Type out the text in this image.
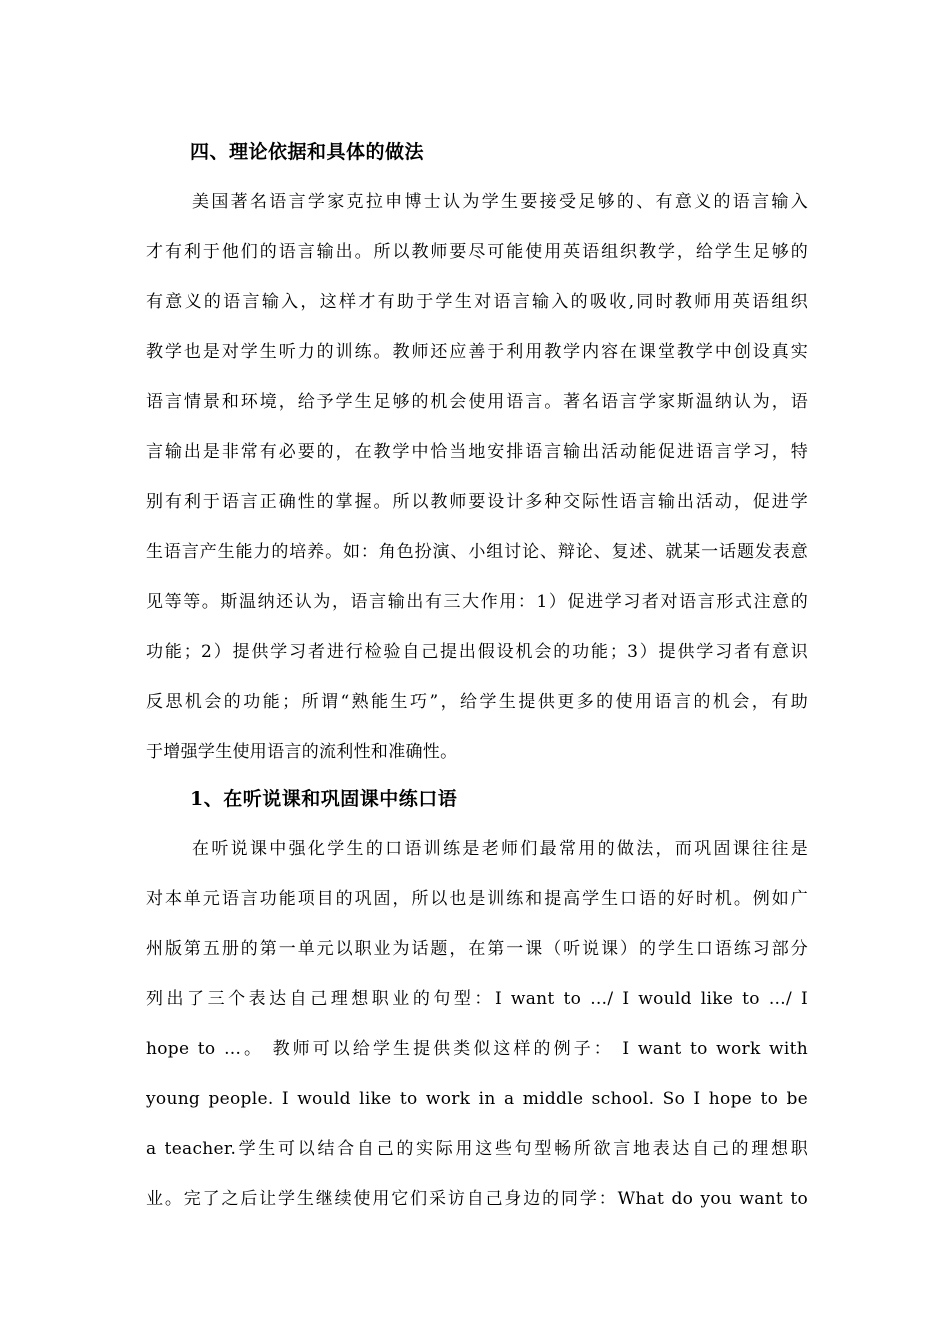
四、理论依据和具体的做法
美国著名语言学家克拉申博士认为学生要接受足够的、有意义的语言输入
才有利于他们的语言输出。所以教师要尽可能使用英语组织教学，给学生足够的
有意义的语言输入，这样才有助于学生对语言输入的吸收,同时教师用英语组织
教学也是对学生听力的训练。教师还应善于利用教学内容在课堂教学中创设真实
语言情景和环境，给予学生足够的机会使用语言。著名语言学家斯温纳认为，语
言输出是非常有必要的，在教学中恰当地安排语言输出活动能促进语言学习，特
别有利于语言正确性的掌握。所以教师要设计多种交际性语言输出活动，促进学
生语言产生能力的培养。如：角色扮演、小组讨论、辩论、复述、就某一话题发表意
见等等。斯温纳还认为，语言输出有三大作用：1）促进学习者对语言形式注意的
功能；2）提供学习者进行检验自己提出假设机会的功能；3）提供学习者有意识
反思机会的功能；所谓“熟能生巧”，给学生提供更多的使用语言的机会，有助
于增强学生使用语言的流利性和准确性。
1、在听说课和巩固课中练口语
在听说课中强化学生的口语训练是老师们最常用的做法，而巩固课往往是
对本单元语言功能项目的巩固，所以也是训练和提高学生口语的好时机。例如广
州版第五册的第一单元以职业为话题，在第一课（听说课）的学生口语练习部分
列出了三个表达自己理想职业的句型：I want to …/ I would like to …/ I
hope to …。 教师可以给学生提供类似这样的例子： I want to work with
young people. I would like to work in a middle school. So I hope to be
a teacher.学生可以结合自己的实际用这些句型畅所欲言地表达自己的理想职
业。完了之后让学生继续使用它们采访自己身边的同学：What do you want to
